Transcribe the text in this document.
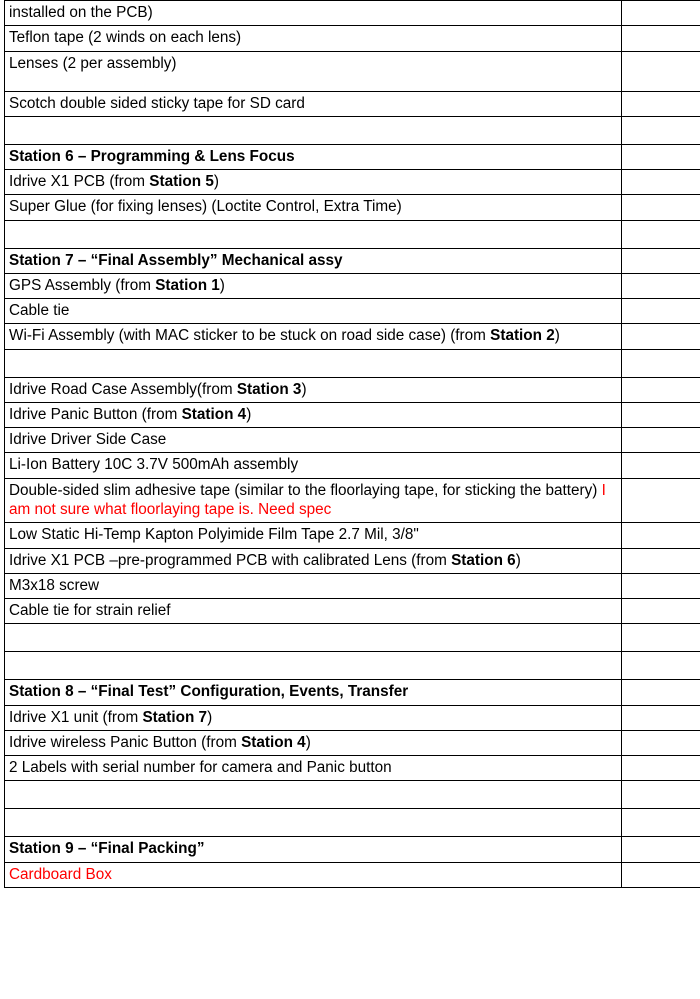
installed on the PCB)	

Teflon tape (2 winds on each lens)	

Lenses (2 per assembly)	

Scotch double sided sticky tape for SD card	

Station 6 – Programming & Lens Focus	

Idrive X1 PCB (from Station 5)	

Super Glue (for fixing lenses) (Loctite Control, Extra Time)	

Station 7 – “Final Assembly” Mechanical assy	

GPS Assembly (from Station 1)	

Cable tie	

Wi-Fi Assembly (with MAC sticker to be stuck on road side case) (from Station 2)	

Idrive Road Case Assembly(from Station 3)	

Idrive Panic Button (from Station 4)	

Idrive Driver Side Case	

Li-Ion Battery 10C 3.7V 500mAh assembly	

Double-sided slim adhesive tape (similar to the floorlaying tape, for sticking the battery) I am not sure what floorlaying tape is. Need spec	

Low Static Hi-Temp Kapton Polyimide Film Tape 2.7 Mil, 3/8"	

Idrive X1 PCB –pre-programmed PCB with calibrated Lens (from Station 6)	

M3x18 screw	

Cable tie for strain relief	

Station 8 – “Final Test” Configuration, Events, Transfer	

Idrive X1 unit (from Station 7)	

Idrive wireless Panic Button (from Station 4)	

2 Labels with serial number for camera and Panic button	

Station 9 – “Final Packing”	

Cardboard Box	
